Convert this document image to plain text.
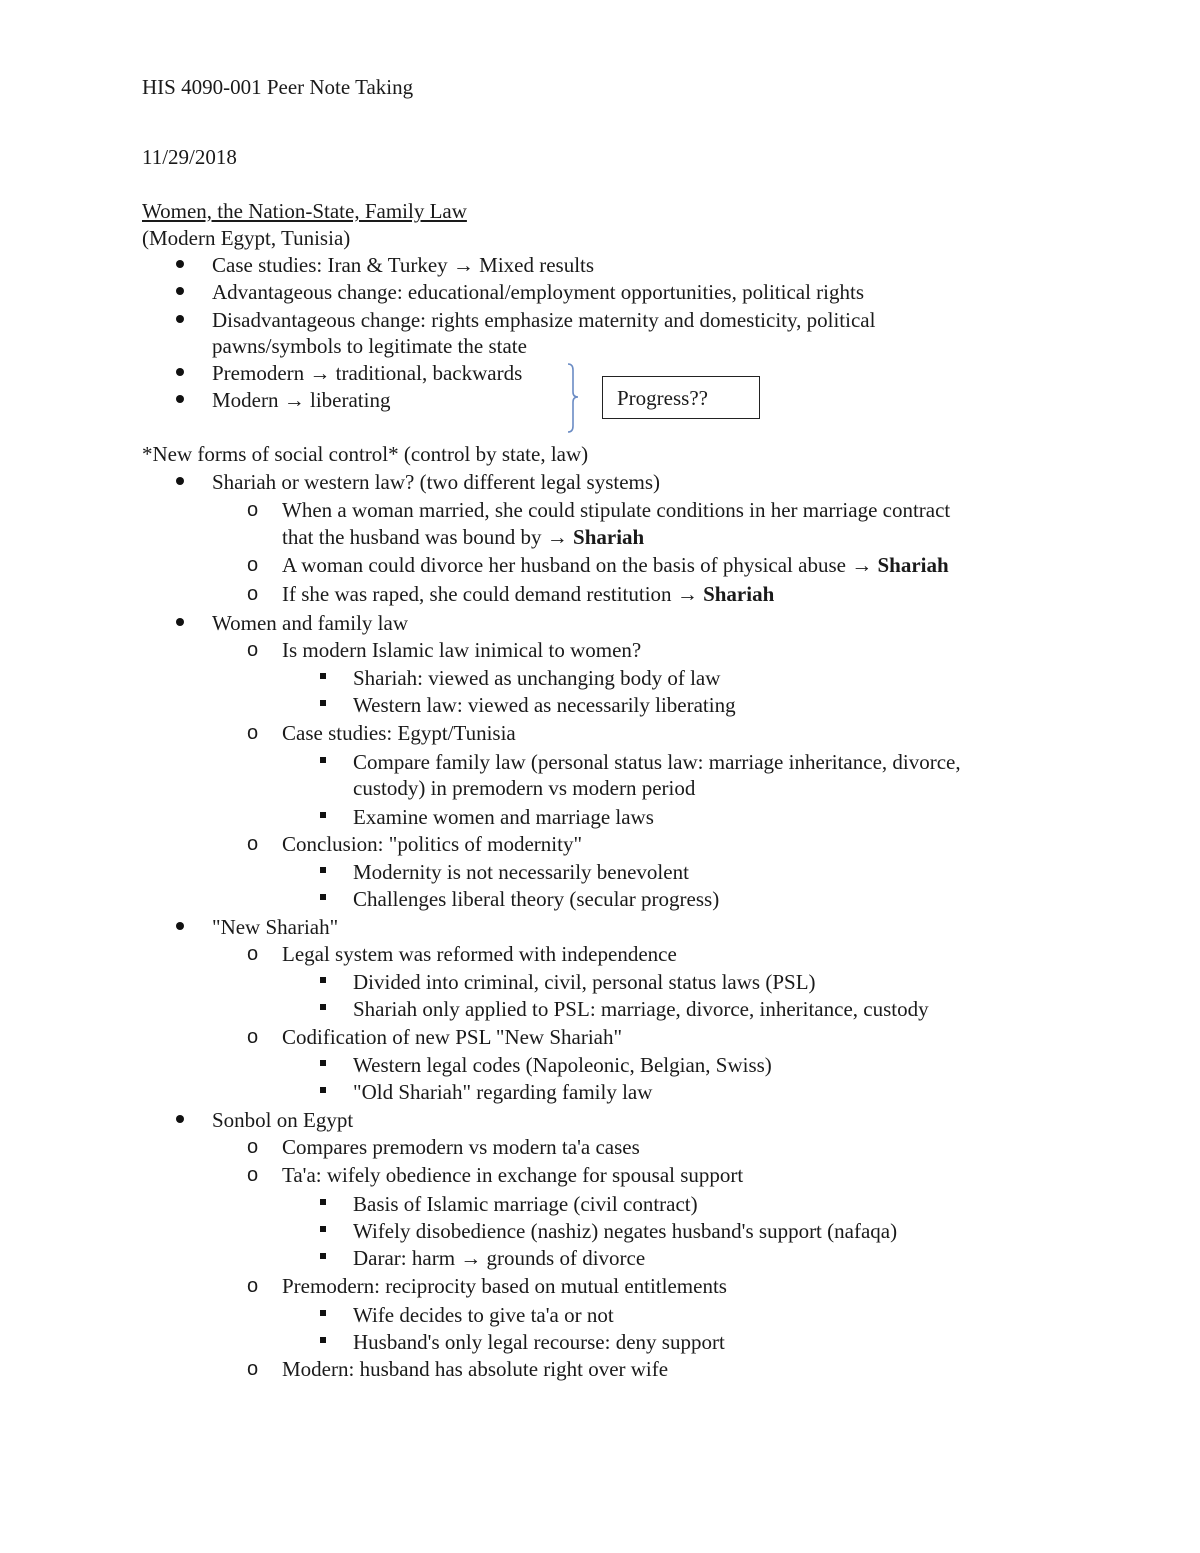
HIS 4090-001 Peer Note Taking
11/29/2018
Women, the Nation-State, Family Law
(Modern Egypt, Tunisia)
Case studies: Iran & Turkey → Mixed results
Advantageous change: educational/employment opportunities, political rights
Disadvantageous change: rights emphasize maternity and domesticity, political
pawns/symbols to legitimate the state
Premodern → traditional, backwards
Modern → liberating	Progress??
*New forms of social control* (control by state, law)
Shariah or western law? (two different legal systems)
o When a woman married, she could stipulate conditions in her marriage contract
that the husband was bound by → Shariah
o A woman could divorce her husband on the basis of physical abuse → Shariah
o If she was raped, she could demand restitution → Shariah
Women and family law
o Is modern Islamic law inimical to women?
Shariah: viewed as unchanging body of law
Western law: viewed as necessarily liberating
o Case studies: Egypt/Tunisia
Compare family law (personal status law: marriage inheritance, divorce,
custody) in premodern vs modern period
Examine women and marriage laws
o Conclusion: "politics of modernity"
Modernity is not necessarily benevolent
Challenges liberal theory (secular progress)
"New Shariah"
o Legal system was reformed with independence
Divided into criminal, civil, personal status laws (PSL)
Shariah only applied to PSL: marriage, divorce, inheritance, custody
o Codification of new PSL "New Shariah"
Western legal codes (Napoleonic, Belgian, Swiss)
"Old Shariah" regarding family law
Sonbol on Egypt
o Compares premodern vs modern ta'a cases
o Ta'a: wifely obedience in exchange for spousal support
Basis of Islamic marriage (civil contract)
Wifely disobedience (nashiz) negates husband's support (nafaqa)
Darar: harm → grounds of divorce
o Premodern: reciprocity based on mutual entitlements
Wife decides to give ta'a or not
Husband's only legal recourse: deny support
o Modern: husband has absolute right over wife
